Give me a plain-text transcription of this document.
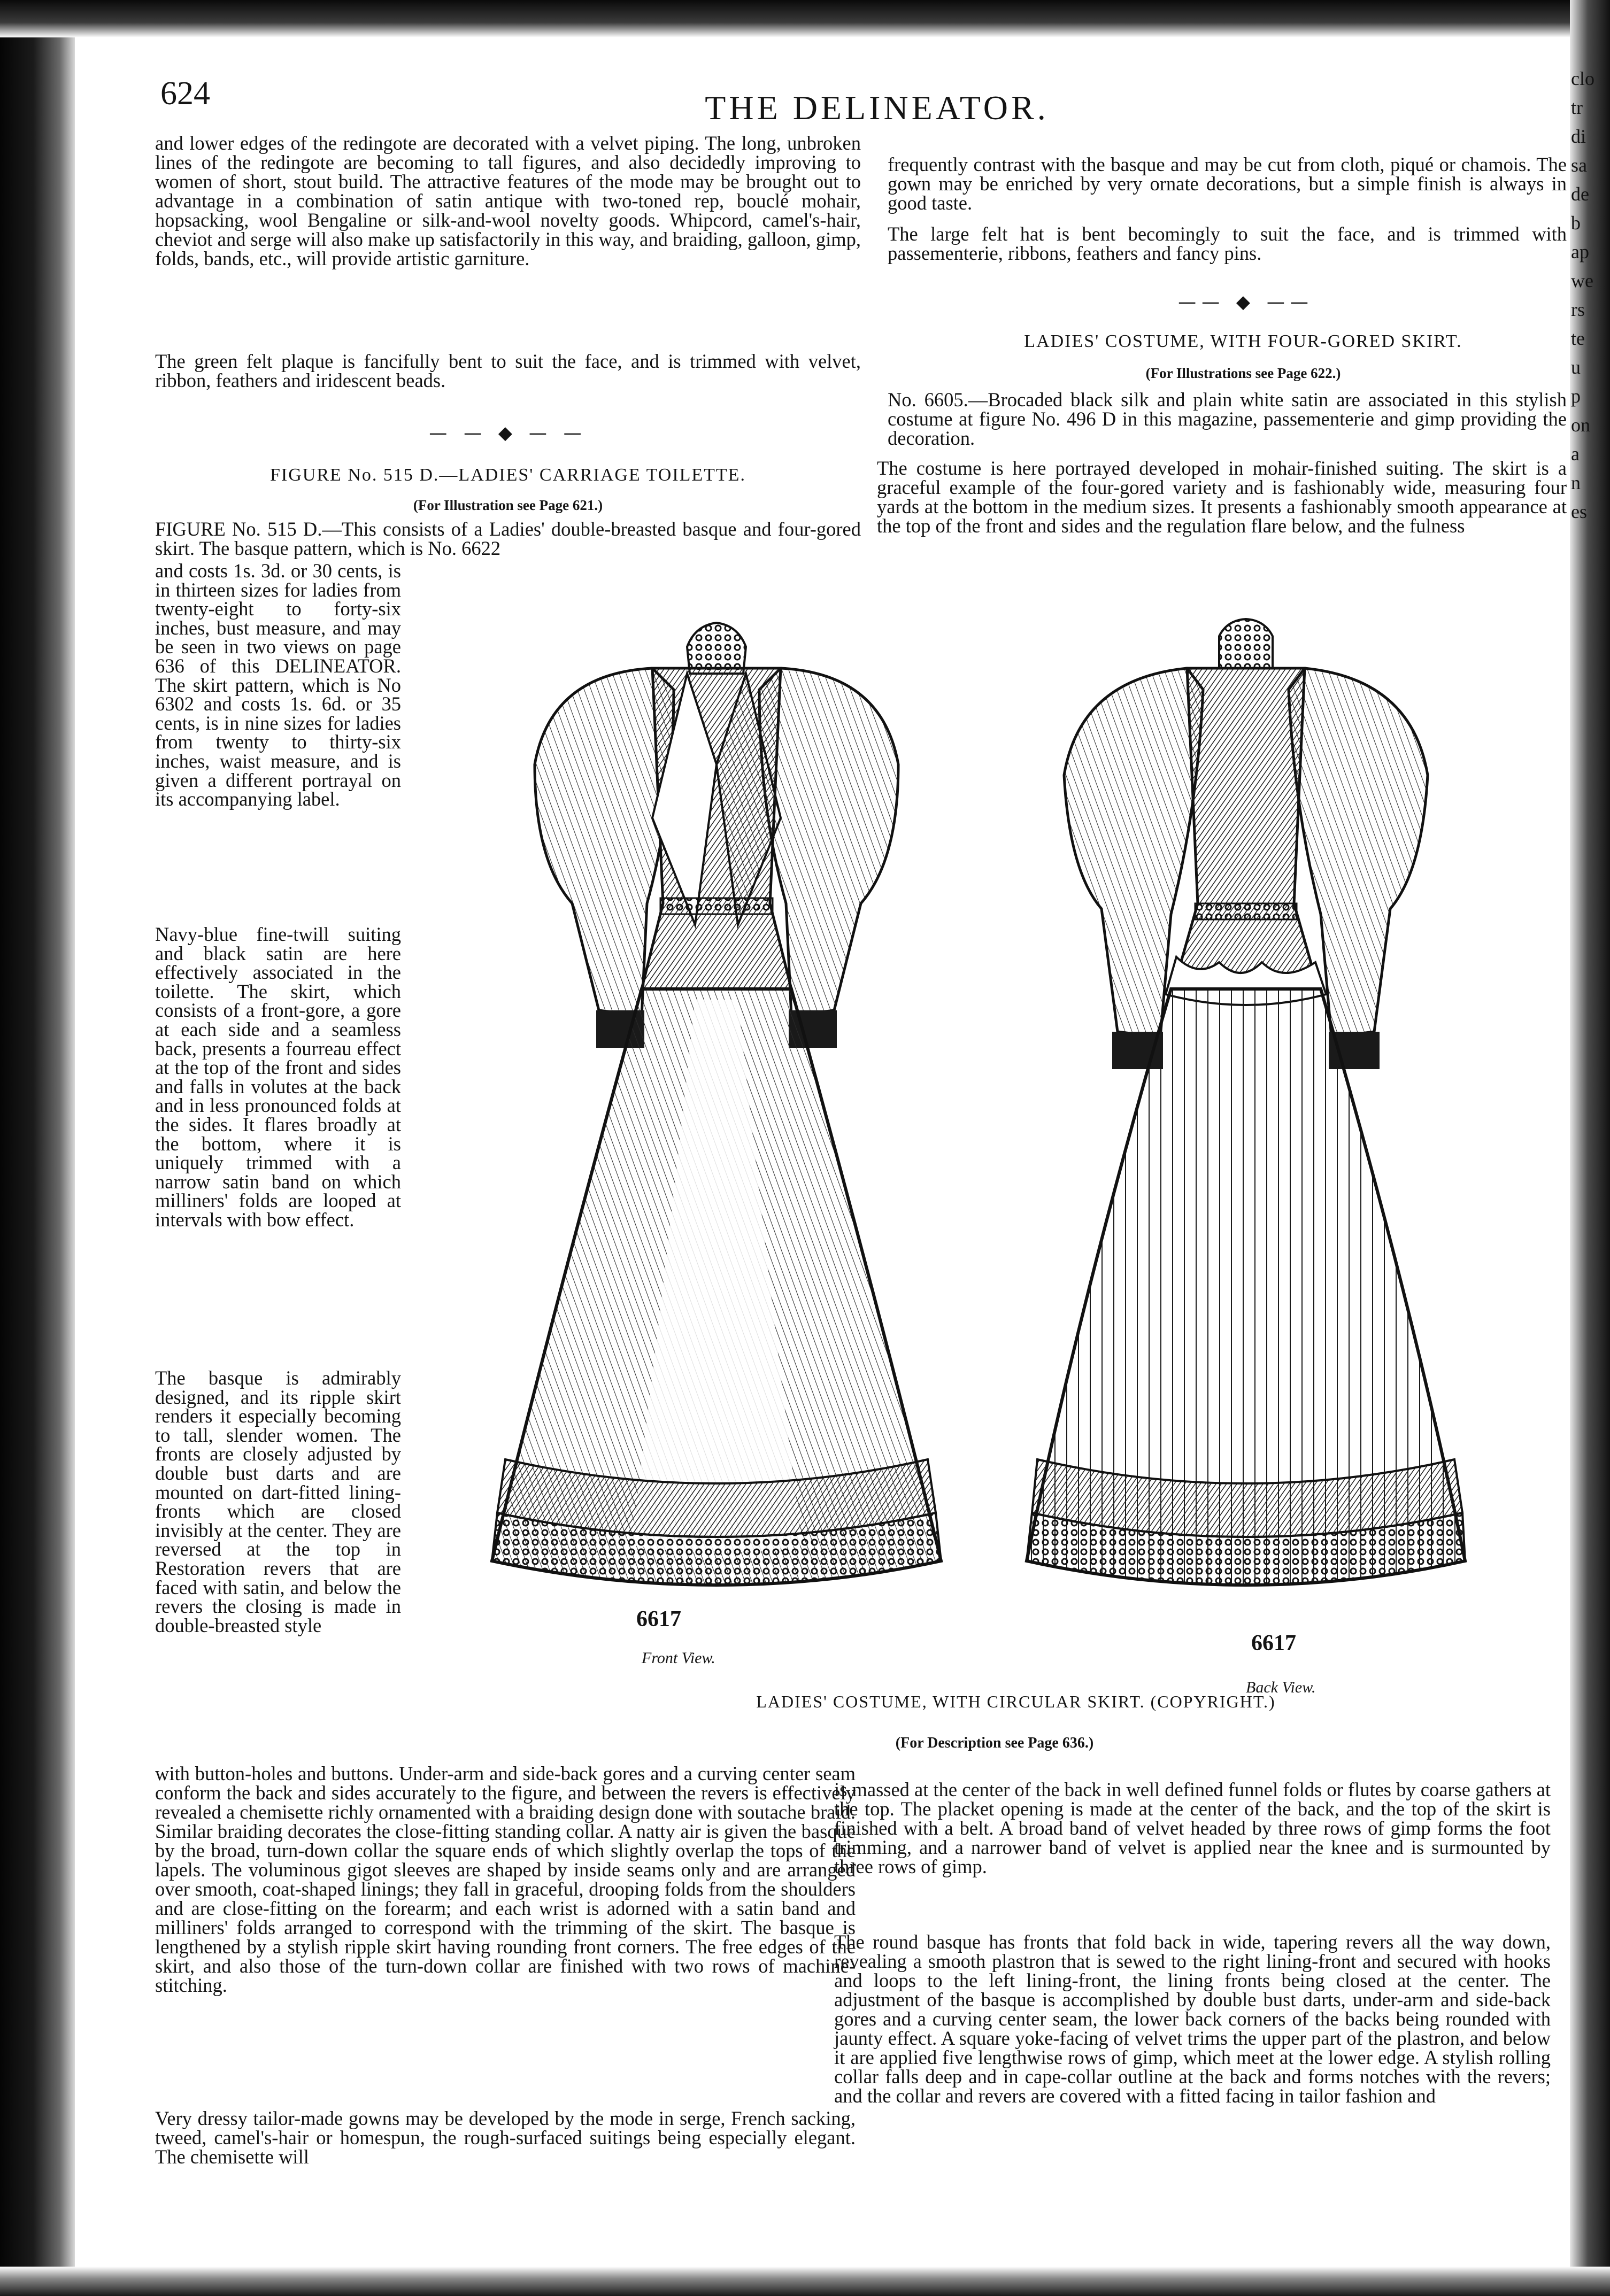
clo
tr
di
sa
de
b
ap
we
rs
te
u
p
on
a
n
es
624	THE DELINEATOR.

and lower edges of the redingote are decorated with a velvet piping. The long, unbroken lines of the redingote are becoming to tall figures, and also decidedly improving to women of short, stout build. The attractive features of the mode may be brought out to advantage in a combination of satin antique with two-toned rep, bouclé mohair, hopsacking, wool Bengaline or silk-and-wool novelty goods. Whipcord, camel's-hair, cheviot and serge will also make up satisfactorily in this way, and braiding, galloon, gimp, folds, bands, etc., will provide artistic garniture.

The green felt plaque is fancifully bent to suit the face, and is trimmed with velvet, ribbon, feathers and iridescent beads.

— — ◆ — —
FIGURE No. 515 D.—LADIES' CARRIAGE TOILETTE.
(For Illustration see Page 621.)

FIGURE No. 515 D.—This consists of a Ladies' double-breasted basque and four-gored skirt. The basque pattern, which is No. 6622

and costs 1s. 3d. or 30 cents, is in thirteen sizes for ladies from twenty-eight to forty-six inches, bust measure, and may be seen in two views on page 636 of this DELINEATOR. The skirt pattern, which is No 6302 and costs 1s. 6d. or 35 cents, is in nine sizes for ladies from twenty to thirty-six inches, waist measure, and is given a different portrayal on its accompanying label.

Navy-blue fine-twill suiting and black satin are here effectively associated in the toilette. The skirt, which consists of a front-gore, a gore at each side and a seamless back, presents a fourreau effect at the top of the front and sides and falls in volutes at the back and in less pronounced folds at the sides. It flares broadly at the bottom, where it is uniquely trimmed with a narrow satin band on which milliners' folds are looped at intervals with bow effect.

The basque is admirably designed, and its ripple skirt renders it especially becoming to tall, slender women. The fronts are closely adjusted by double bust darts and are mounted on dart-fitted lining-fronts which are closed invisibly at the center. They are reversed at the top in Restoration revers that are faced with satin, and below the revers the closing is made in double-breasted style

with button-holes and buttons. Under-arm and side-back gores and a curving center seam conform the back and sides accurately to the figure, and between the revers is effectively revealed a chemisette richly ornamented with a braiding design done with soutache braid. Similar braiding decorates the close-fitting standing collar. A natty air is given the basque by the broad, turn-down collar the square ends of which slightly overlap the tops of the lapels. The voluminous gigot sleeves are shaped by inside seams only and are arranged over smooth, coat-shaped linings; they fall in graceful, drooping folds from the shoulders and are close-fitting on the forearm; and each wrist is adorned with a satin band and milliners' folds arranged to correspond with the trimming of the skirt. The basque is lengthened by a stylish ripple skirt having rounding front corners. The free edges of the skirt, and also those of the turn-down collar are finished with two rows of machine-stitching.

Very dressy tailor-made gowns may be developed by the mode in serge, French sacking, tweed, camel's-hair or homespun, the rough-surfaced suitings being especially elegant. The chemisette will

frequently contrast with the basque and may be cut from cloth, piqué or chamois. The gown may be enriched by very ornate decorations, but a simple finish is always in good taste.

The large felt hat is bent becomingly to suit the face, and is trimmed with passementerie, ribbons, feathers and fancy pins.

—— ◆ ——
LADIES' COSTUME, WITH FOUR-GORED SKIRT.
(For Illustrations see Page 622.)

No. 6605.—Brocaded black silk and plain white satin are associated in this stylish costume at figure No. 496 D in this magazine, passementerie and gimp providing the decoration.

The costume is here portrayed developed in mohair-finished suiting. The skirt is a graceful example of the four-gored variety and is fashionably wide, measuring four yards at the bottom in the medium sizes. It presents a fashionably smooth appearance at the top of the front and sides and the regulation flare below, and the fulness

is massed at the center of the back in well defined funnel folds or flutes by coarse gathers at the top. The placket opening is made at the center of the back, and the top of the skirt is finished with a belt. A broad band of velvet headed by three rows of gimp forms the foot trimming, and a narrower band of velvet is applied near the knee and is surmounted by three rows of gimp.

The round basque has fronts that fold back in wide, tapering revers all the way down, revealing a smooth plastron that is sewed to the right lining-front and secured with hooks and loops to the left lining-front, the lining fronts being closed at the center. The adjustment of the basque is accomplished by double bust darts, under-arm and side-back gores and a curving center seam, the lower back corners of the backs being rounded with jaunty effect. A square yoke-facing of velvet trims the upper part of the plastron, and below it are applied five lengthwise rows of gimp, which meet at the lower edge. A stylish rolling collar falls deep and in cape-collar outline at the back and forms notches with the revers; and the collar and revers are covered with a fitted facing in tailor fashion and

6617
Front View.
6617
Back View.
LADIES' COSTUME, WITH CIRCULAR SKIRT. (COPYRIGHT.)
(For Description see Page 636.)
